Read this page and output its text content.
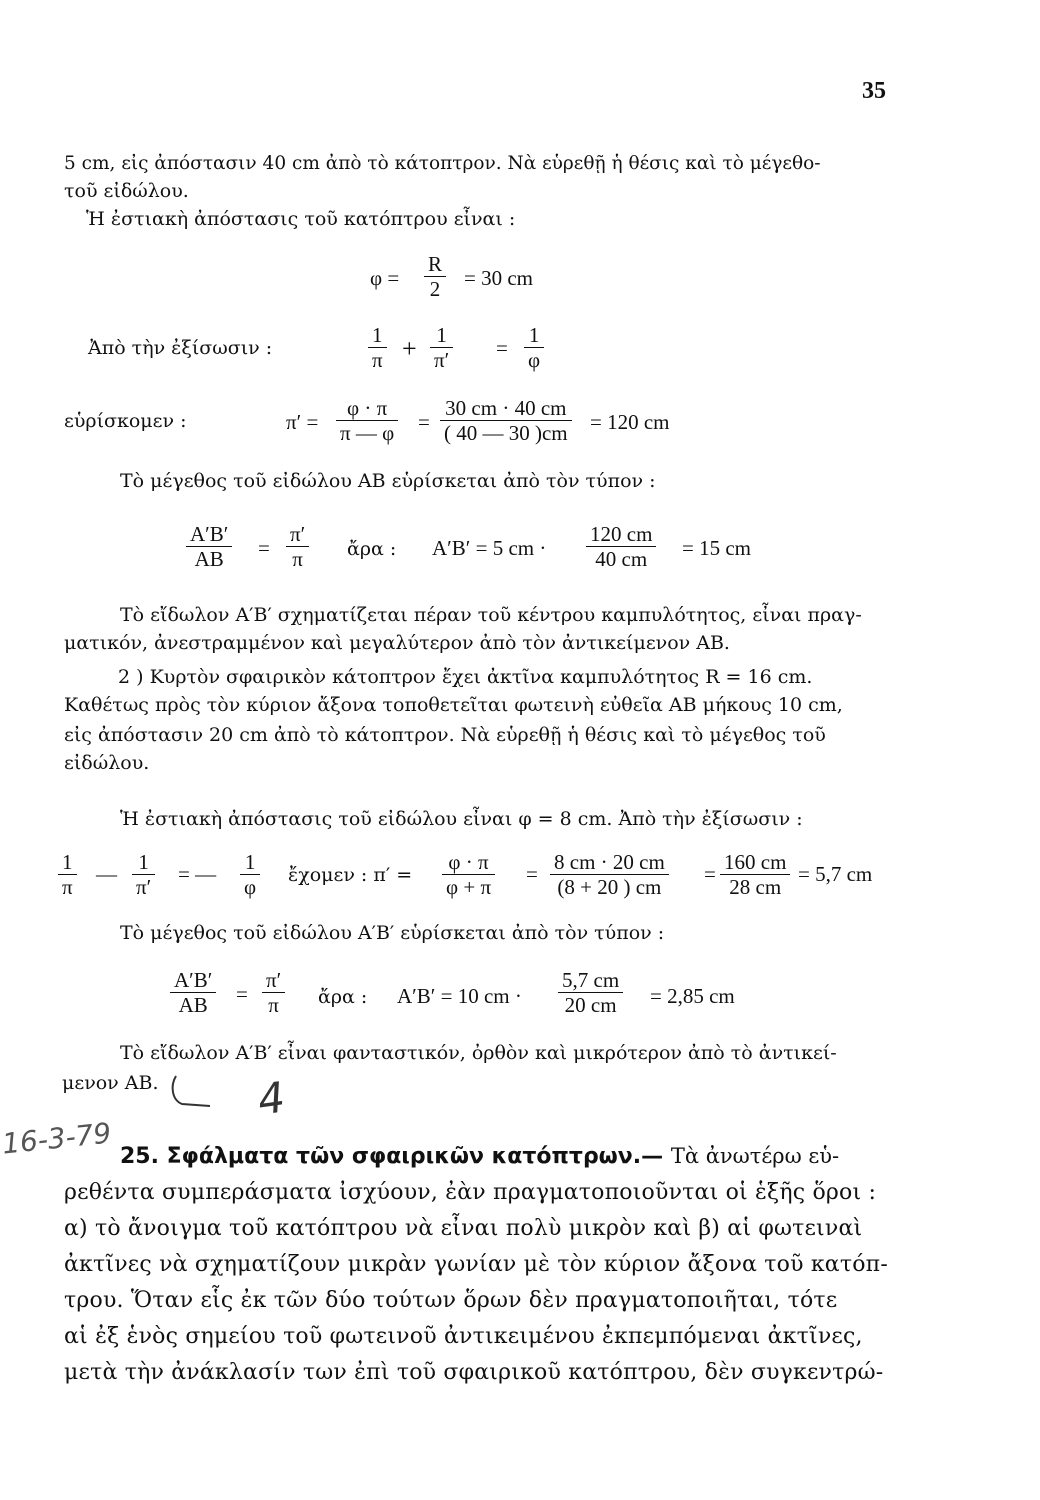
35
5 cm, εἰς ἀπόστασιν 40 cm ἀπὸ τὸ κάτοπτρον. Νὰ εὑρεθῇ ἡ θέσις καὶ τὸ μέγεθο-
τοῦ εἰδώλου.
Ἡ ἐστιακὴ ἀπόστασις τοῦ κατόπτρου εἶναι :
$\varphi = \frac{R}{2} = 30$ cm
Ἀπὸ τὴν ἐξίσωσιν :	$\frac{1}{\pi} + \frac{1}{\pi'} = \frac{1}{\varphi}$
εὑρίσκομεν :	$\pi' = \frac{\varphi \cdot \pi}{\pi — \varphi} = \frac{30 cm \cdot 40 cm}{( 40 — 30 )cm} = 120$ cm
Τὸ μέγεθος τοῦ εἰδώλου ΑΒ εὑρίσκεται ἀπὸ τὸν τύπον :
$\frac{A'B'}{AB} = \frac{\pi'}{\pi}$ ἄρα : A′B′ = 5 cm · $\frac{120 cm}{40 cm} = 15$ cm
Τὸ εἴδωλον Α′Β′ σχηματίζεται πέραν τοῦ κέντρου καμπυλότητος, εἶναι πραγ-
ματικόν, ἀνεστραμμένον καὶ μεγαλύτερον ἀπὸ τὸν ἀντικείμενον ΑΒ.
2 ) Κυρτὸν σφαιρικὸν κάτοπτρον ἔχει ἀκτῖνα καμπυλότητος R = 16 cm.
Καθέτως πρὸς τὸν κύριον ἄξονα τοποθετεῖται φωτεινὴ εὐθεῖα ΑΒ μήκους 10 cm,
εἰς ἀπόστασιν 20 cm ἀπὸ τὸ κάτοπτρον. Νὰ εὑρεθῇ ἡ θέσις καὶ τὸ μέγεθος τοῦ
εἰδώλου.
Ἡ ἐστιακὴ ἀπόστασις τοῦ εἰδώλου εἶναι φ = 8 cm. Ἀπὸ τὴν ἐξίσωσιν :
$\frac{1}{\pi}$ — $\frac{1}{\pi'}$ = — $\frac{1}{\varphi}$ ἔχομεν : $\pi' = \frac{\varphi \cdot \pi}{\varphi + \pi} = \frac{8 cm \cdot 20 cm}{(8 + 20 ) cm} = \frac{160 cm}{28 cm} = 5,7$ cm
Τὸ μέγεθος τοῦ εἰδώλου Α′Β′ εὑρίσκεται ἀπὸ τὸν τύπον :
$\frac{A'B'}{AB} = \frac{\pi'}{\pi}$ ἄρα : A′B′ = 10 cm · $\frac{5,7 cm}{20 cm} = 2,85$ cm
Τὸ εἴδωλον Α′Β′ εἶναι φανταστικόν, ὀρθὸν καὶ μικρότερον ἀπὸ τὸ ἀντικεί-
μενον ΑΒ. 4
16-3-79 25. Σφάλματα τῶν σφαιρικῶν κατόπτρων.— Τὰ ἀνωτέρω εὑ-
ρεθέντα συμπεράσματα ἰσχύουν, ἐὰν πραγματοποιοῦνται οἱ ἑξῆς ὅροι :
α) τὸ ἄνοιγμα τοῦ κατόπτρου νὰ εἶναι πολὺ μικρὸν καὶ β) αἱ φωτειναὶ
ἀκτῖνες νὰ σχηματίζουν μικρὰν γωνίαν μὲ τὸν κύριον ἄξονα τοῦ κατόπ-
τρου. Ὅταν εἷς ἐκ τῶν δύο τούτων ὅρων δὲν πραγματοποιῆται, τότε
αἱ ἐξ ἑνὸς σημείου τοῦ φωτεινοῦ ἀντικειμένου ἐκπεμπόμεναι ἀκτῖνες,
μετὰ τὴν ἀνάκλασίν των ἐπὶ τοῦ σφαιρικοῦ κατόπτρου, δὲν συγκεντρώ-
